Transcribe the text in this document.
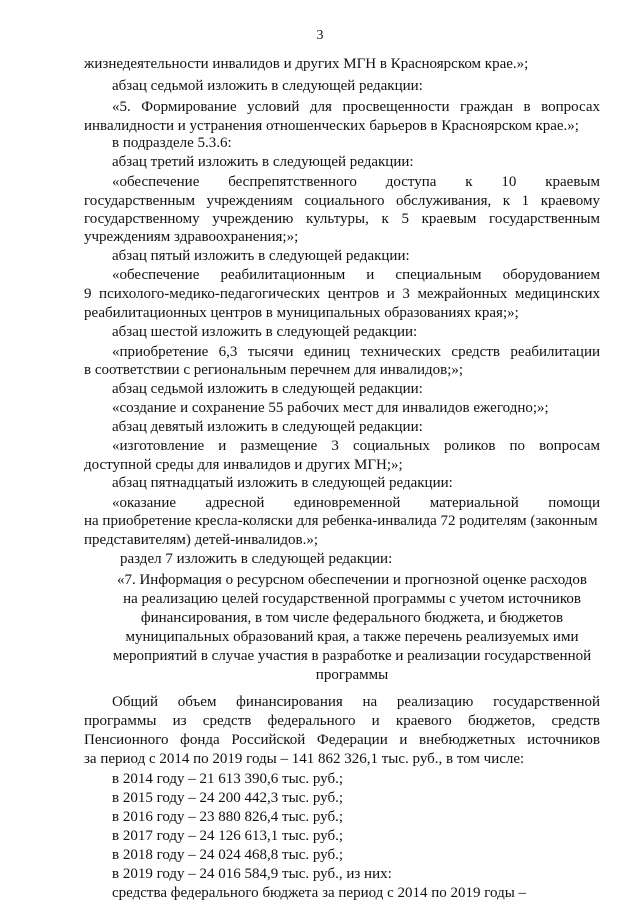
3
жизнедеятельности инвалидов и других МГН в Красноярском крае.»;
абзац седьмой изложить в следующей редакции:
«5. Формирование условий для просвещенности граждан в вопросах
инвалидности и устранения отношенческих барьеров в Красноярском крае.»;
в подразделе 5.3.6:
абзац третий изложить в следующей редакции:
«обеспечение беспрепятственного доступа к 10 краевым
государственным учреждениям социального обслуживания, к 1 краевому
государственному учреждению культуры, к 5 краевым государственным
учреждениям здравоохранения;»;
абзац пятый изложить в следующей редакции:
«обеспечение реабилитационным и специальным оборудованием
9 психолого-медико-педагогических центров и 3 межрайонных медицинских
реабилитационных центров в муниципальных образованиях края;»;
абзац шестой изложить в следующей редакции:
«приобретение 6,3 тысячи единиц технических средств реабилитации
в соответствии с региональным перечнем для инвалидов;»;
абзац седьмой изложить в следующей редакции:
«создание и сохранение 55 рабочих мест для инвалидов ежегодно;»;
абзац девятый изложить в следующей редакции:
«изготовление и размещение 3 социальных роликов по вопросам
доступной среды для инвалидов и других МГН;»;
абзац пятнадцатый изложить в следующей редакции:
«оказание адресной единовременной материальной помощи
на приобретение кресла-коляски для ребенка-инвалида 72 родителям (законным
представителям) детей-инвалидов.»;
раздел 7 изложить в следующей редакции:
«7. Информация о ресурсном обеспечении и прогнозной оценке расходов
на реализацию целей государственной программы с учетом источников
финансирования, в том числе федерального бюджета, и бюджетов
муниципальных образований края, а также перечень реализуемых ими
мероприятий в случае участия в разработке и реализации государственной
программы
Общий объем финансирования на реализацию государственной
программы из средств федерального и краевого бюджетов, средств
Пенсионного фонда Российской Федерации и внебюджетных источников
за период с 2014 по 2019 годы – 141 862 326,1 тыс. руб., в том числе:
в 2014 году – 21 613 390,6 тыс. руб.;
в 2015 году – 24 200 442,3 тыс. руб.;
в 2016 году – 23 880 826,4 тыс. руб.;
в 2017 году – 24 126 613,1 тыс. руб.;
в 2018 году – 24 024 468,8 тыс. руб.;
в 2019 году – 24 016 584,9 тыс. руб., из них:
средства федерального бюджета за период с 2014 по 2019 годы –
